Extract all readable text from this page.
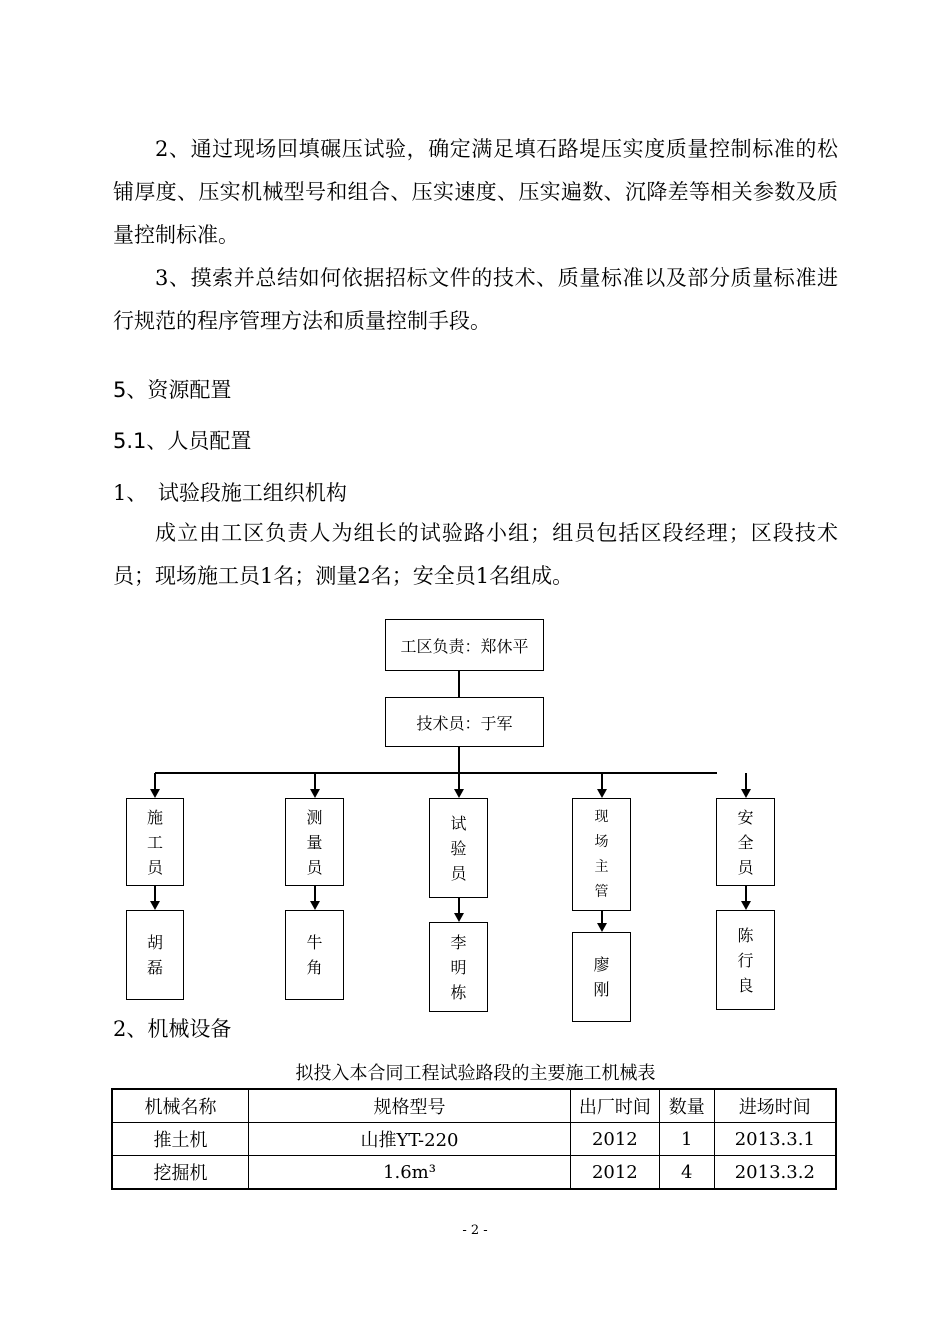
2、通过现场回填碾压试验，确定满足填石路堤压实度质量控制标准的松铺厚度、压实机械型号和组合、压实速度、压实遍数、沉降差等相关参数及质量控制标准。
3、摸索并总结如何依据招标文件的技术、质量标准以及部分质量标准进行规范的程序管理方法和质量控制手段。
5、资源配置
5.1、人员配置
1、　试验段施工组织机构
成立由工区负责人为组长的试验路小组；组员包括区段经理；区段技术员；现场施工员1名；测量2名；安全员1名组成。
工区负责：郑休平
技术员：于军
施
工
员
胡
磊
测
量
员
牛
角
试
验
员
李
明
栋
现
场
主
管
廖
刚
安
全
员
陈
行
良
2、机械设备
拟投入本合同工程试验路段的主要施工机械表
机械名称	规格型号	出厂时间	数量	进场时间
推土机	山推YT-220	2012	1	2013.3.1
挖掘机	1.6m³	2012	4	2013.3.2
- 2 -
